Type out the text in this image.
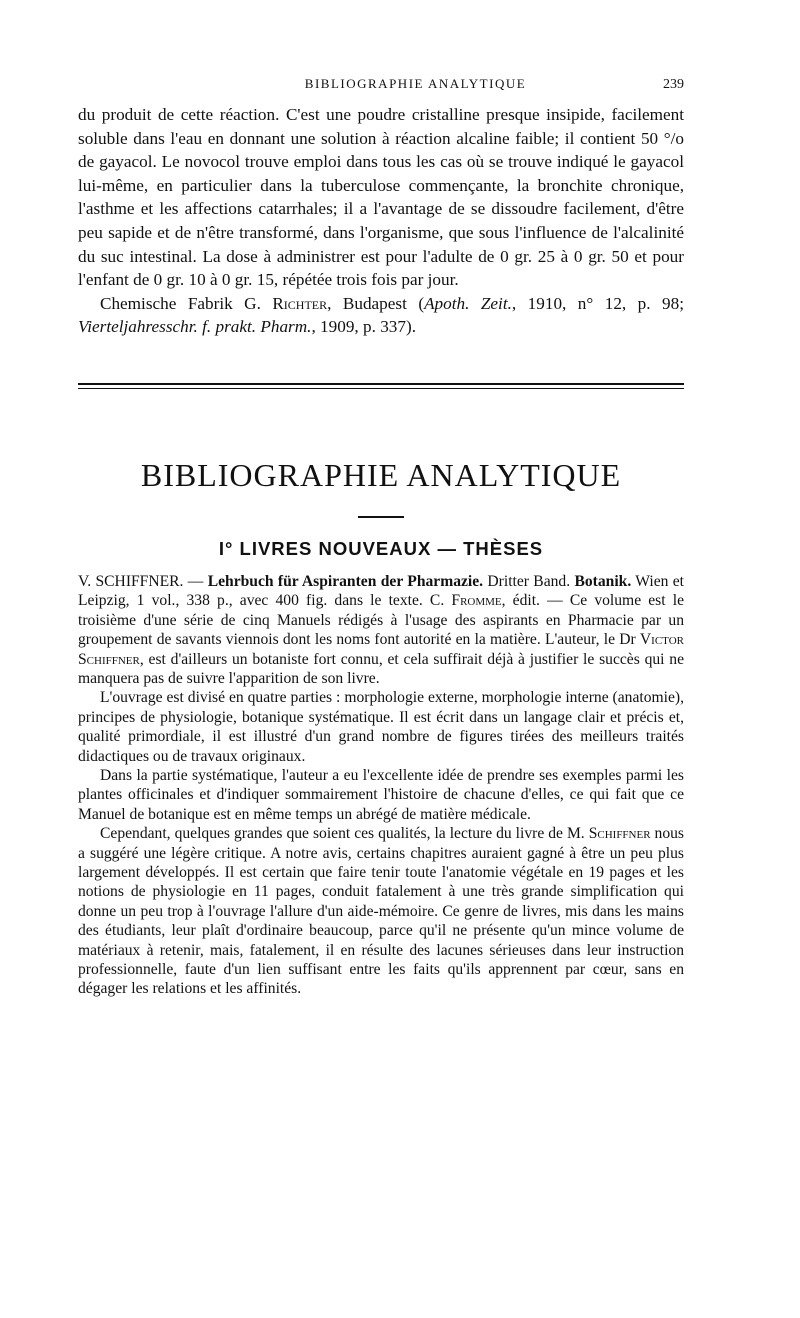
BIBLIOGRAPHIE ANALYTIQUE	239

du produit de cette réaction. C'est une poudre cristalline presque insipide, facilement soluble dans l'eau en donnant une solution à réaction alcaline faible; il contient 50 °/o de gayacol. Le novocol trouve emploi dans tous les cas où se trouve indiqué le gayacol lui-même, en particulier dans la tuberculose commençante, la bronchite chronique, l'asthme et les affections catarrhales; il a l'avantage de se dissoudre facilement, d'être peu sapide et de n'être transformé, dans l'organisme, que sous l'influence de l'alcalinité du suc intestinal. La dose à administrer est pour l'adulte de 0 gr. 25 à 0 gr. 50 et pour l'enfant de 0 gr. 10 à 0 gr. 15, répétée trois fois par jour.

Chemische Fabrik G. Richter, Budapest (Apoth. Zeit., 1910, n° 12, p. 98; Vierteljahresschr. f. prakt. Pharm., 1909, p. 337).

BIBLIOGRAPHIE ANALYTIQUE
I° LIVRES NOUVEAUX — THÈSES

V. SCHIFFNER. — Lehrbuch für Aspiranten der Pharmazie. Dritter Band. Botanik. Wien et Leipzig, 1 vol., 338 p., avec 400 fig. dans le texte. C. Fromme, édit. — Ce volume est le troisième d'une série de cinq Manuels rédigés à l'usage des aspirants en Pharmacie par un groupement de savants viennois dont les noms font autorité en la matière. L'auteur, le Dr Victor Schiffner, est d'ailleurs un botaniste fort connu, et cela suffirait déjà à justifier le succès qui ne manquera pas de suivre l'apparition de son livre.

L'ouvrage est divisé en quatre parties : morphologie externe, morphologie interne (anatomie), principes de physiologie, botanique systématique. Il est écrit dans un langage clair et précis et, qualité primordiale, il est illustré d'un grand nombre de figures tirées des meilleurs traités didactiques ou de travaux originaux.

Dans la partie systématique, l'auteur a eu l'excellente idée de prendre ses exemples parmi les plantes officinales et d'indiquer sommairement l'histoire de chacune d'elles, ce qui fait que ce Manuel de botanique est en même temps un abrégé de matière médicale.

Cependant, quelques grandes que soient ces qualités, la lecture du livre de M. Schiffner nous a suggéré une légère critique. A notre avis, certains chapitres auraient gagné à être un peu plus largement développés. Il est certain que faire tenir toute l'anatomie végétale en 19 pages et les notions de physiologie en 11 pages, conduit fatalement à une très grande simplification qui donne un peu trop à l'ouvrage l'allure d'un aide-mémoire. Ce genre de livres, mis dans les mains des étudiants, leur plaît d'ordinaire beaucoup, parce qu'il ne présente qu'un mince volume de matériaux à retenir, mais, fatalement, il en résulte des lacunes sérieuses dans leur instruction professionnelle, faute d'un lien suffisant entre les faits qu'ils apprennent par cœur, sans en dégager les relations et les affinités.
